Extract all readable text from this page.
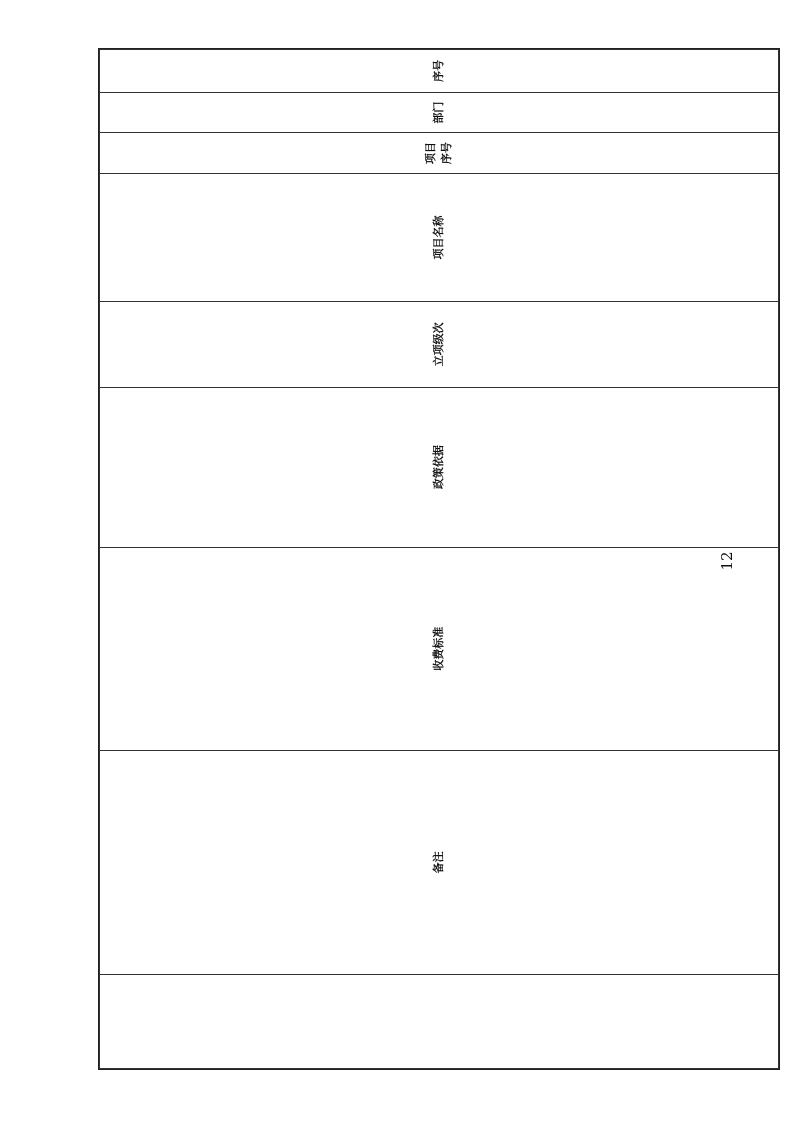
	备注	收费标准	政策依据	立项级次	项目名称	项目序号	部门	序号
12
